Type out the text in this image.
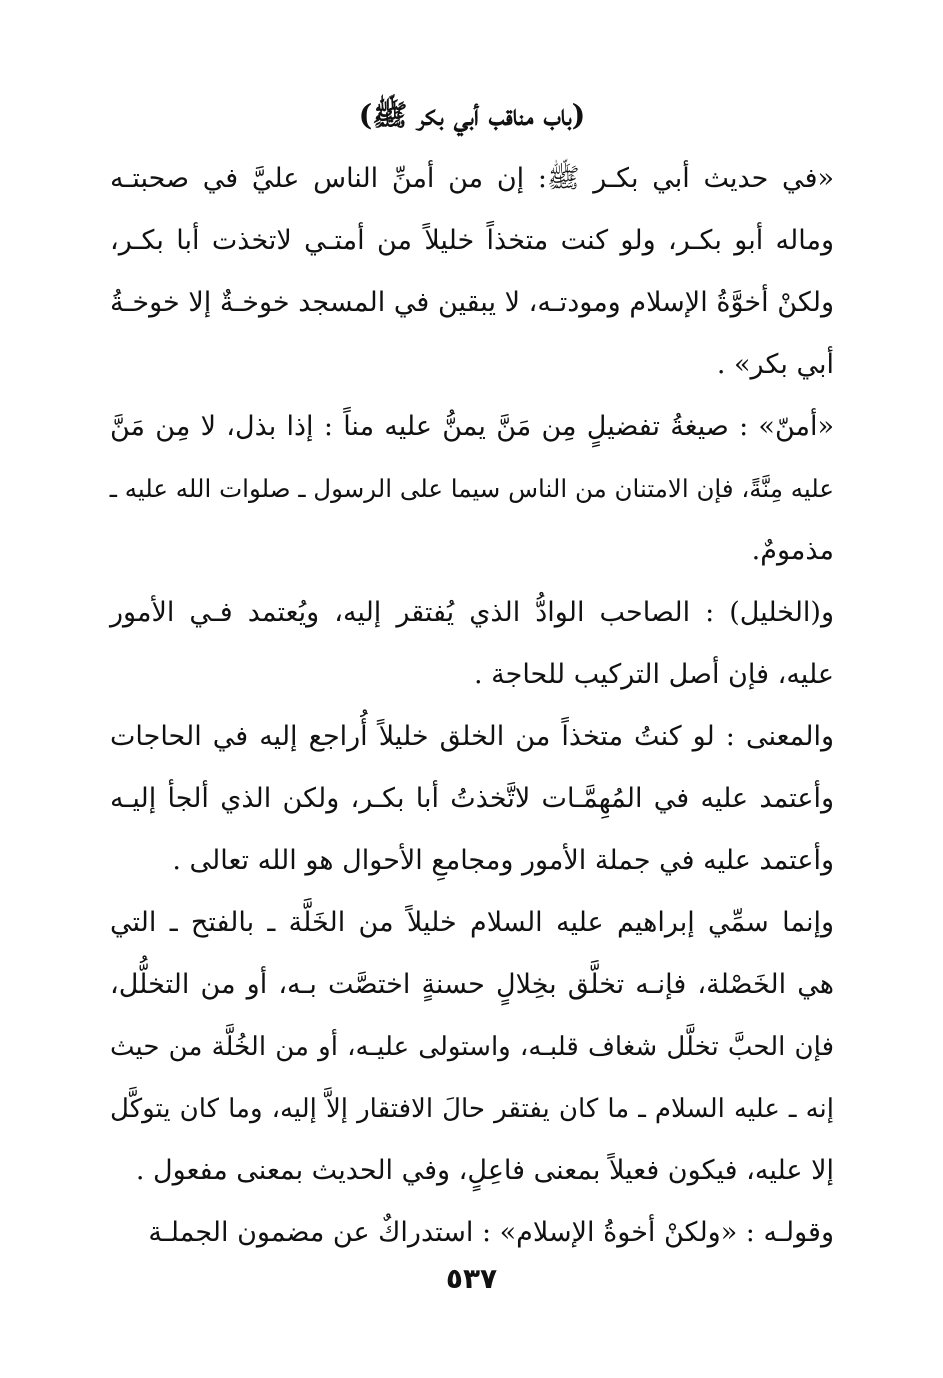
(باب مناقب أبي بكر ﷺ)

«في حديث أبي بكـر ﷺ: إن من أمنِّ الناس عليَّ في صحبتـه
وماله أبو بكـر، ولو كنت متخذاً خليلاً من أمتـي لاتخذت أبا بكـر،
ولكنْ أخوَّةُ الإسلام ومودتـه، لا يبقين في المسجد خوخـةٌ إلا خوخـةُ
أبي بكر» .

«أمنّ» : صيغةُ تفضيلٍ مِن مَنَّ يمنُّ عليه مناً : إذا بذل، لا مِن مَنَّ
عليه مِنَّةً، فإن الامتنان من الناس سيما على الرسول ـ صلوات الله عليه ـ
مذمومٌ.

و(الخليل) : الصاحب الوادُّ الذي يُفتقر إليه، ويُعتمد فـي الأمور
عليه، فإن أصل التركيب للحاجة .

والمعنى : لو كنتُ متخذاً من الخلق خليلاً أُراجع إليه في الحاجات
وأعتمد عليه في المُهِمَّـات لاتَّخذتُ أبا بكـر، ولكن الذي ألجأ إليـه
وأعتمد عليه في جملة الأمور ومجامعِ الأحوال هو الله تعالى .

وإنما سمِّي إبراهيم عليه السلام خليلاً من الخَلَّة ـ بالفتح ـ التي
هي الخَصْلة، فإنـه تخلَّق بخِلالٍ حسنةٍ اختصَّت بـه، أو من التخلُّل،
فإن الحبَّ تخلَّل شغاف قلبـه، واستولى عليـه، أو من الخُلَّة من حيث
إنه ـ عليه السلام ـ ما كان يفتقر حالَ الافتقار إلاَّ إليه، وما كان يتوكَّل
إلا عليه، فيكون فعيلاً بمعنى فاعِلٍ، وفي الحديث بمعنى مفعول .

وقولـه : «ولكنْ أخوةُ الإسلام» : استدراكٌ عن مضمون الجملـة

٥٣٧
